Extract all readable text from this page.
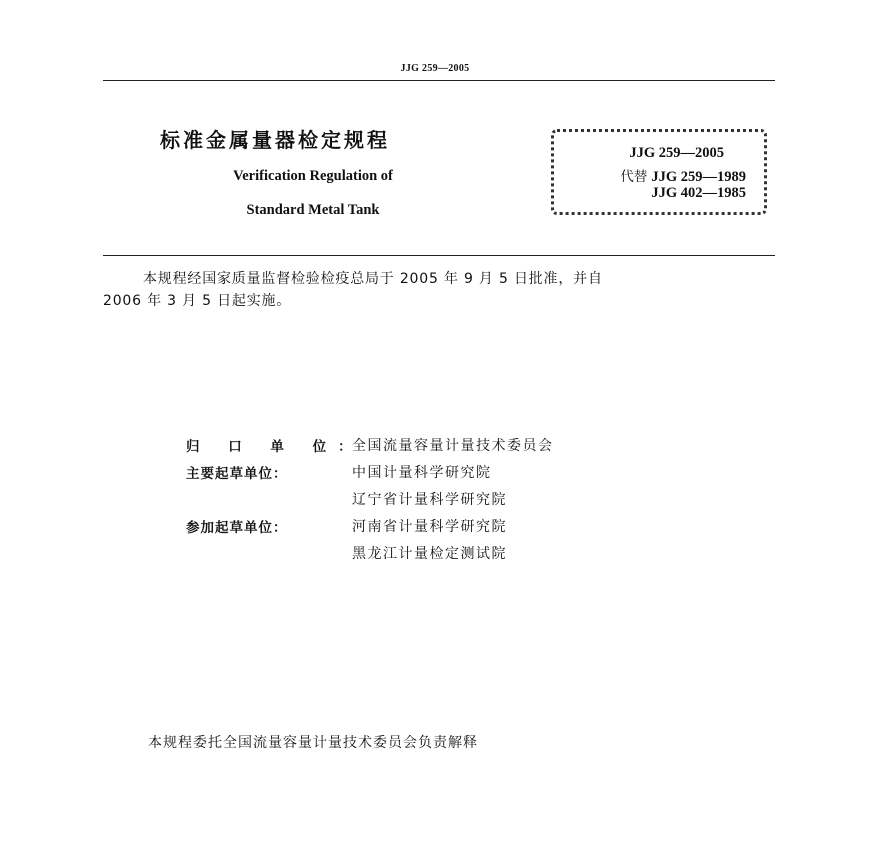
JJG 259—2005
标准金属量器检定规程
Verification Regulation of
Standard Metal Tank
JJG 259—2005
代替 JJG 259—1989
JJG 402—1985
本规程经国家质量监督检验检疫总局于 2005 年 9 月 5 日批准，并自
2006 年 3 月 5 日起实施。
归 口 单 位：
全国流量容量计量技术委员会
主要起草单位：	中国计量科学研究院
辽宁省计量科学研究院
参加起草单位：	河南省计量科学研究院
黑龙江计量检定测试院
本规程委托全国流量容量计量技术委员会负责解释
